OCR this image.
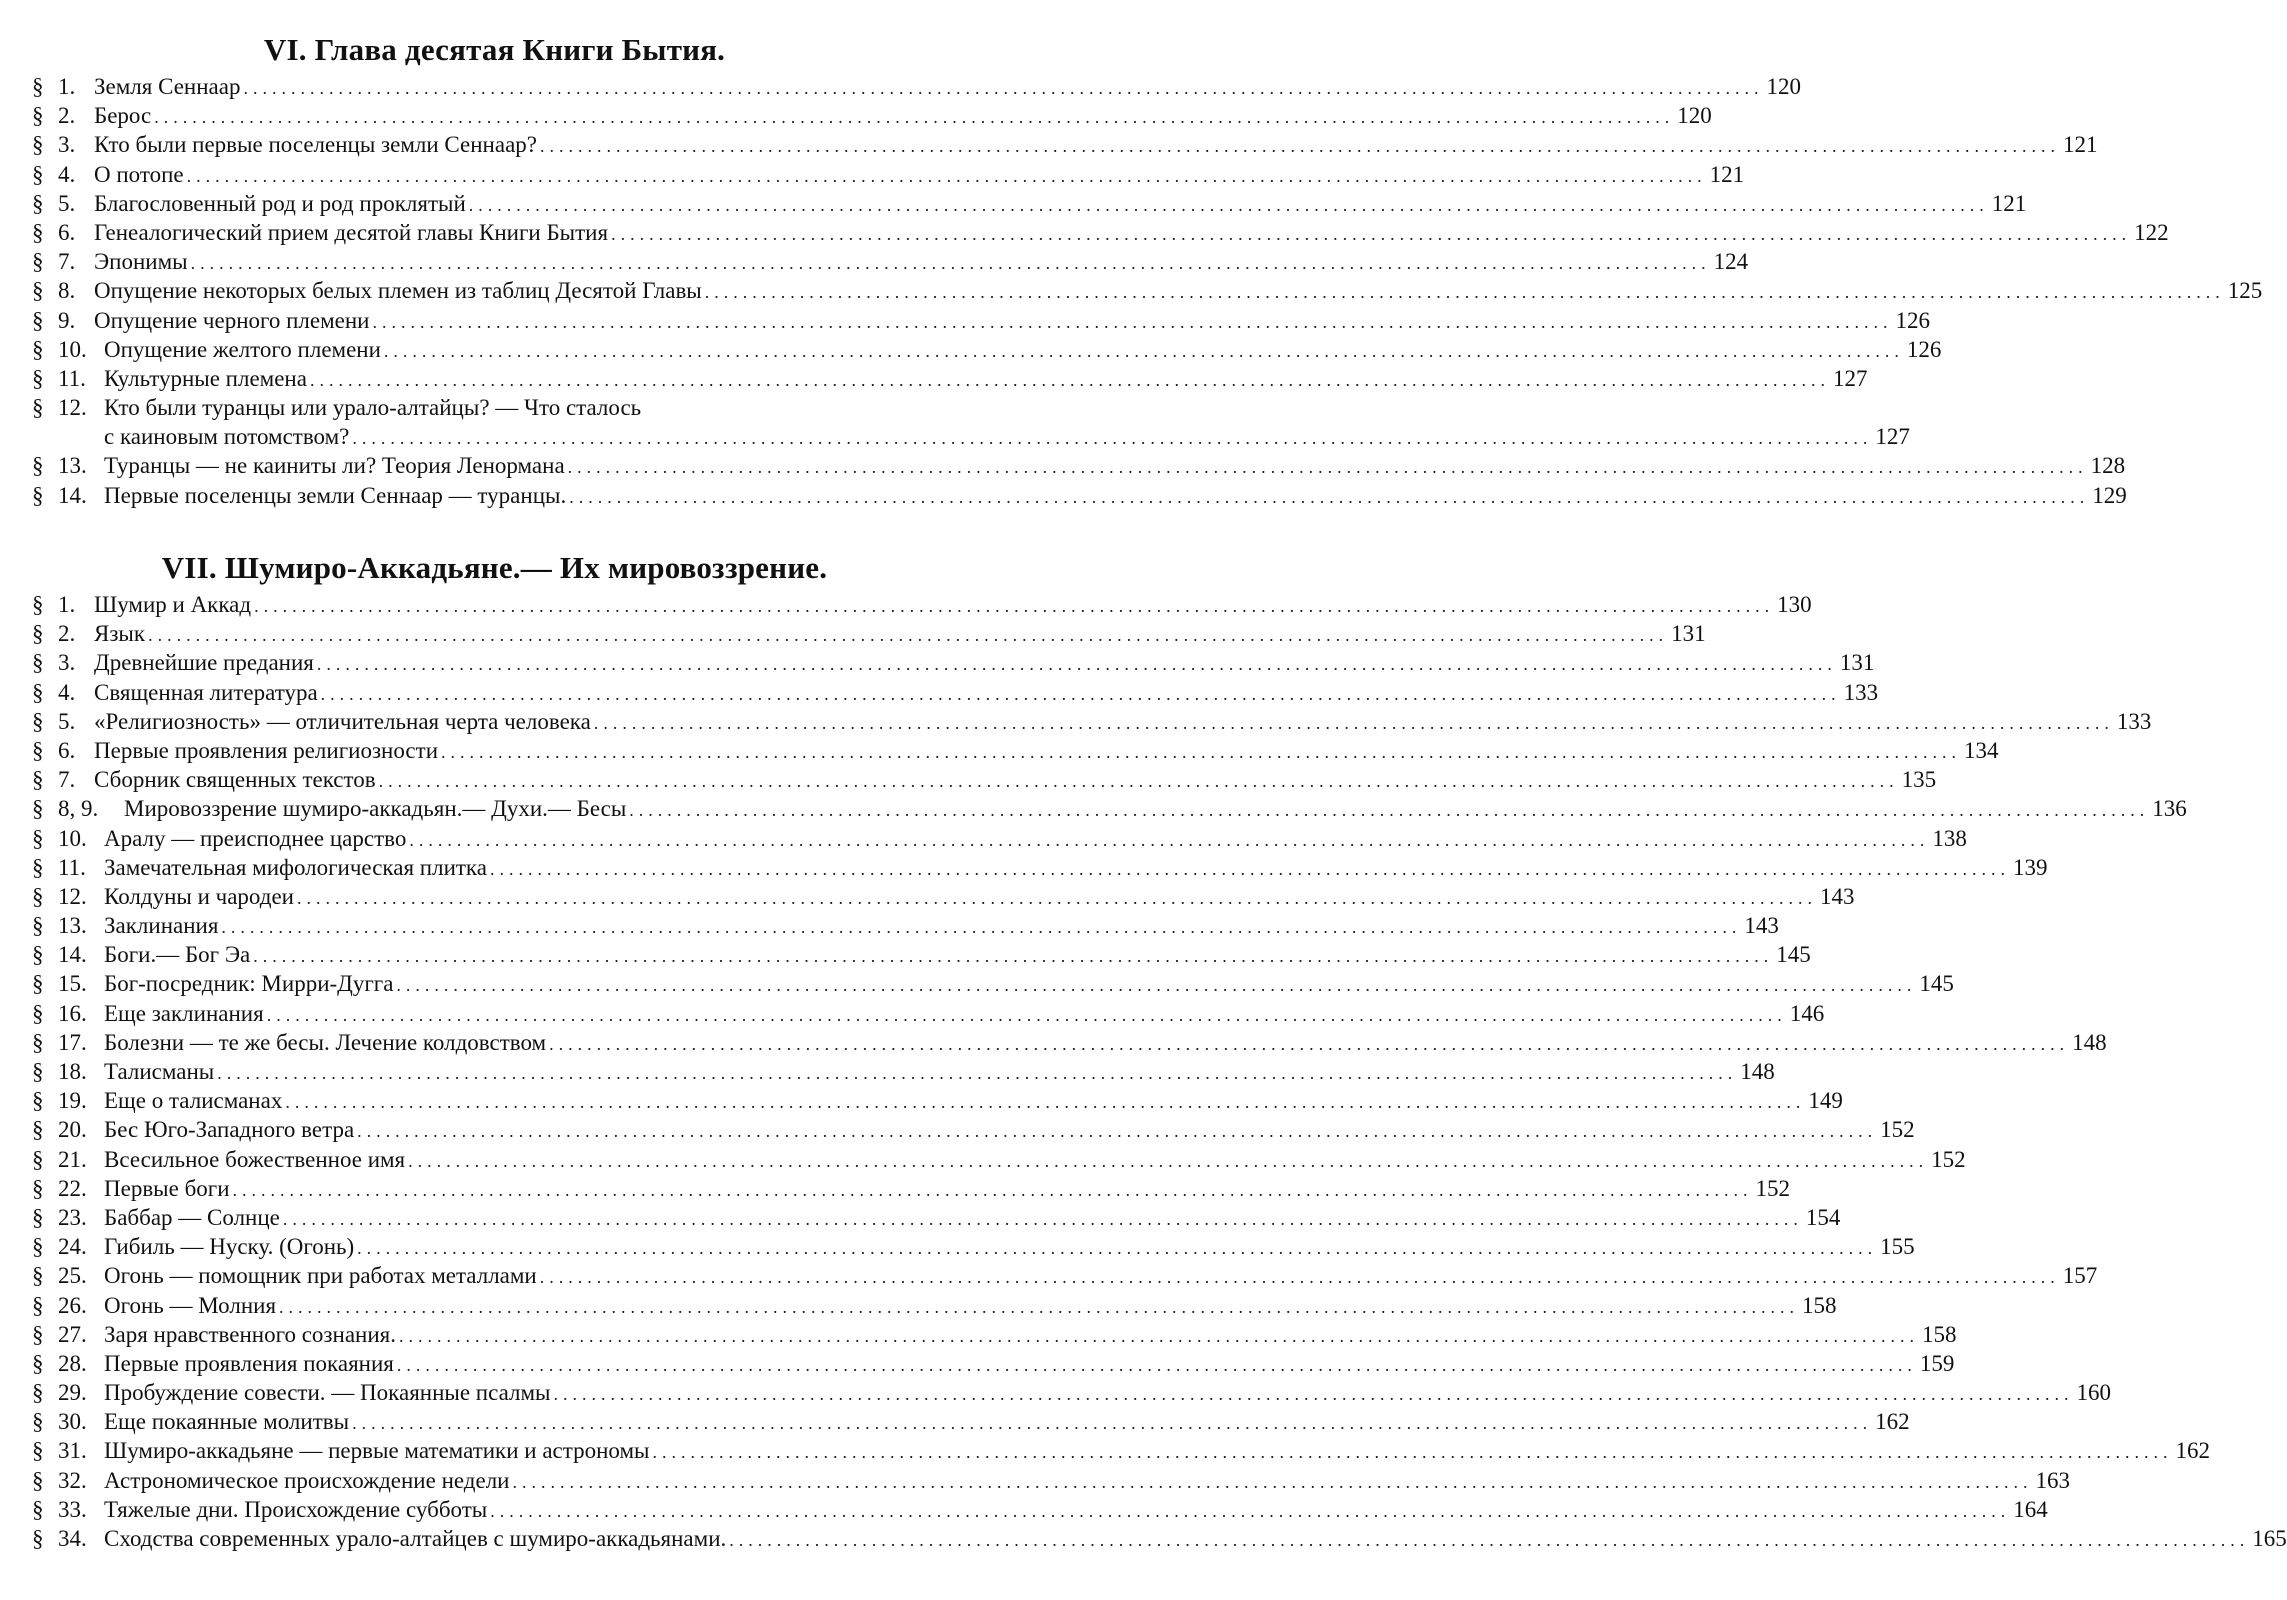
VI. Глава десятая Книги Бытия.
§ 1. Земля Сеннаар ................................................................................................................................................................ 120
§ 2. Берос ................................................................................................................................................................ 120
§ 3. Кто были первые поселенцы земли Сеннаар? ................................................................................................................................................................ 121
§ 4. О потопе ................................................................................................................................................................ 121
§ 5. Благословенный род и род проклятый ................................................................................................................................................................ 121
§ 6. Генеалогический прием десятой главы Книги Бытия ................................................................................................................................................................ 122
§ 7. Эпонимы ................................................................................................................................................................ 124
§ 8. Опущение некоторых белых племен из таблиц Десятой Главы ................................................................................................................................................................ 125
§ 9. Опущение черного племени ................................................................................................................................................................ 126
§ 10. Опущение желтого племени ................................................................................................................................................................ 126
§ 11. Культурные племена ................................................................................................................................................................ 127
§ 12. Кто были туранцы или урало-алтайцы? — Что сталось
с каиновым потомством? ................................................................................................................................................................ 127
§ 13. Туранцы — не каиниты ли? Теория Ленормана ................................................................................................................................................................ 128
§ 14. Первые поселенцы земли Сеннаар — туранцы. ................................................................................................................................................................ 129
VII. Шумиро-Аккадьяне.— Их мировоззрение.
§ 1. Шумир и Аккад ................................................................................................................................................................ 130
§ 2. Язык ................................................................................................................................................................ 131
§ 3. Древнейшие предания ................................................................................................................................................................ 131
§ 4. Священная литература ................................................................................................................................................................ 133
§ 5. «Религиозность» — отличительная черта человека ................................................................................................................................................................ 133
§ 6. Первые проявления религиозности ................................................................................................................................................................ 134
§ 7. Сборник священных текстов ................................................................................................................................................................ 135
§ 8, 9. Мировоззрение шумиро-аккадьян.— Духи.— Бесы ................................................................................................................................................................ 136
§ 10. Аралу — преисподнее царство ................................................................................................................................................................ 138
§ 11. Замечательная мифологическая плитка ................................................................................................................................................................ 139
§ 12. Колдуны и чародеи ................................................................................................................................................................ 143
§ 13. Заклинания ................................................................................................................................................................ 143
§ 14. Боги.— Бог Эа ................................................................................................................................................................ 145
§ 15. Бог-посредник: Мирри-Дугга ................................................................................................................................................................ 145
§ 16. Еще заклинания ................................................................................................................................................................ 146
§ 17. Болезни — те же бесы. Лечение колдовством ................................................................................................................................................................ 148
§ 18. Талисманы ................................................................................................................................................................ 148
§ 19. Еще о талисманах ................................................................................................................................................................ 149
§ 20. Бес Юго-Западного ветра ................................................................................................................................................................ 152
§ 21. Всесильное божественное имя ................................................................................................................................................................ 152
§ 22. Первые боги ................................................................................................................................................................ 152
§ 23. Баббар — Солнце ................................................................................................................................................................ 154
§ 24. Гибиль — Нуску. (Огонь) ................................................................................................................................................................ 155
§ 25. Огонь — помощник при работах металлами ................................................................................................................................................................ 157
§ 26. Огонь — Молния ................................................................................................................................................................ 158
§ 27. Заря нравственного сознания. ................................................................................................................................................................ 158
§ 28. Первые проявления покаяния ................................................................................................................................................................ 159
§ 29. Пробуждение совести. — Покаянные псалмы ................................................................................................................................................................ 160
§ 30. Еще покаянные молитвы ................................................................................................................................................................ 162
§ 31. Шумиро-аккадьяне — первые математики и астрономы ................................................................................................................................................................ 162
§ 32. Астрономическое происхождение недели ................................................................................................................................................................ 163
§ 33. Тяжелые дни. Происхождение субботы ................................................................................................................................................................ 164
§ 34. Сходства современных урало-алтайцев с шумиро-аккадьянами. ................................................................................................................................................................ 165
